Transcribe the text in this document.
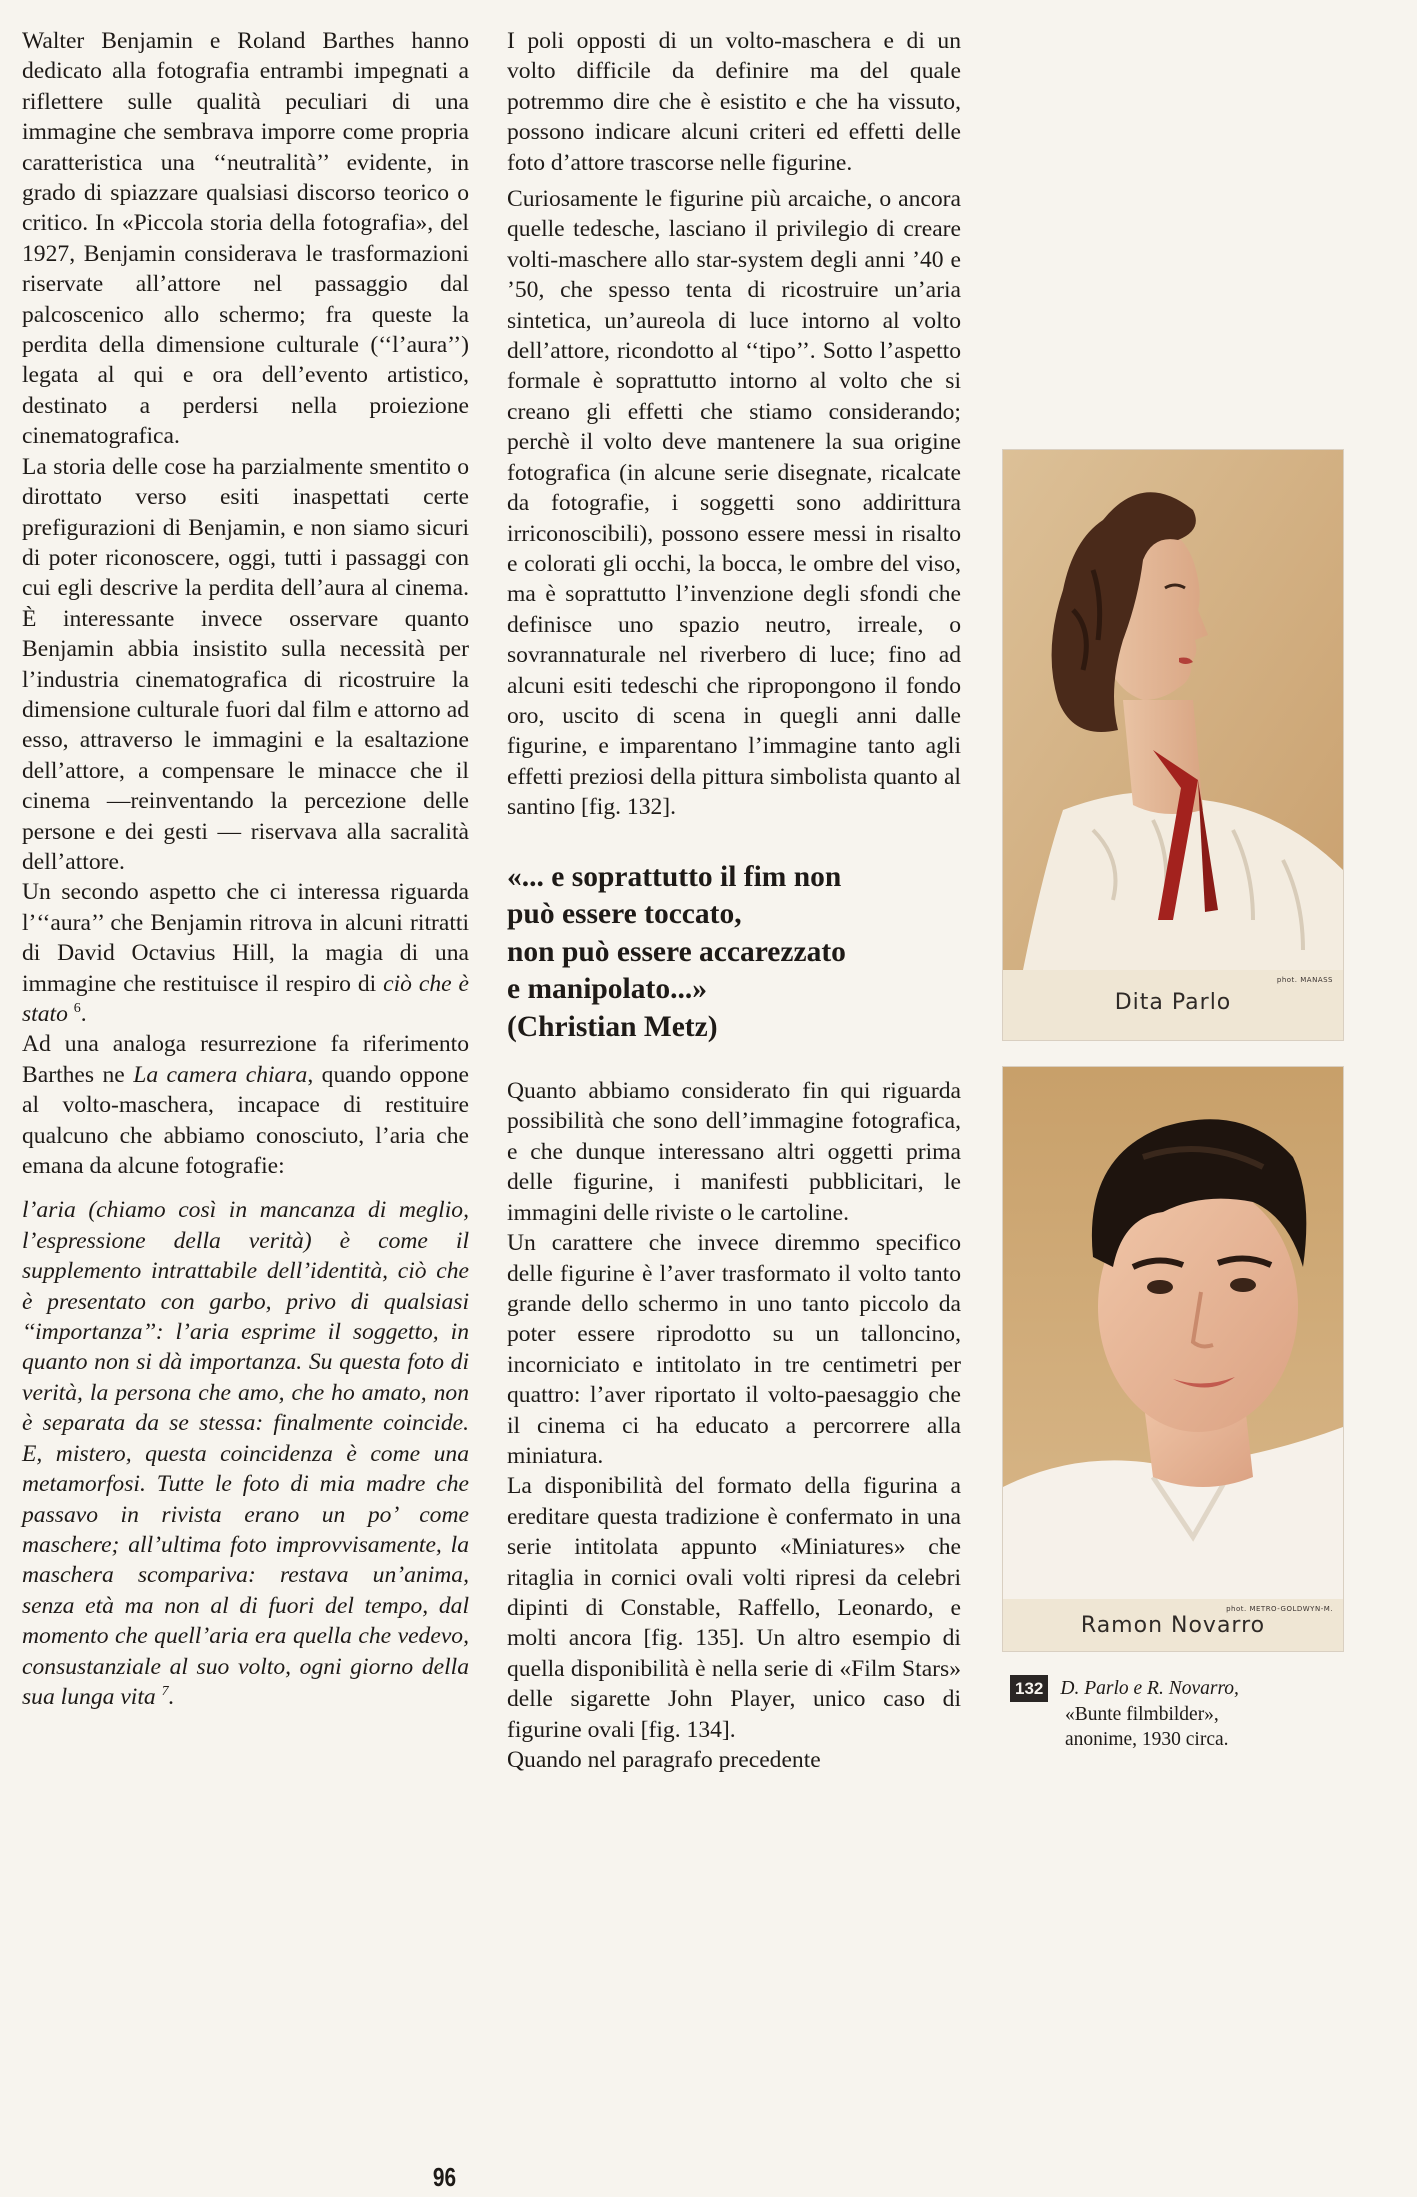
Walter Benjamin e Roland Barthes hanno dedicato alla fotografia entrambi impegnati a riflettere sulle qualità peculiari di una immagine che sembrava imporre come propria caratteristica una ‘‘neutralità’’ evidente, in grado di spiazzare qualsiasi discorso teorico o critico. In «Piccola storia della fotografia», del 1927, Benjamin considerava le trasformazioni riservate all’attore nel passaggio dal palcoscenico allo schermo; fra queste la perdita della dimensione culturale (‘‘l’aura’’) legata al qui e ora dell’evento artistico, destinato a perdersi nella proiezione cinematografica.

La storia delle cose ha parzialmente smentito o dirottato verso esiti inaspettati certe prefigurazioni di Benjamin, e non siamo sicuri di poter riconoscere, oggi, tutti i passaggi con cui egli descrive la perdita dell’aura al cinema. È interessante invece osservare quanto Benjamin abbia insistito sulla necessità per l’industria cinematografica di ricostruire la dimensione culturale fuori dal film e attorno ad esso, attraverso le immagini e la esaltazione dell’attore, a compensare le minacce che il cinema —reinventando la percezione delle persone e dei gesti — riservava alla sacralità dell’attore.

Un secondo aspetto che ci interessa riguarda l’‘‘aura’’ che Benjamin ritrova in alcuni ritratti di David Octavius Hill, la magia di una immagine che restituisce il respiro di ciò che è stato $^6$.

Ad una analoga resurrezione fa riferimento Barthes ne La camera chiara, quando oppone al volto-maschera, incapace di restituire qualcuno che abbiamo conosciuto, l’aria che emana da alcune fotografie:

l’aria (chiamo così in mancanza di meglio, l’espressione della verità) è come il supplemento intrattabile dell’identità, ciò che è presentato con garbo, privo di qualsiasi ‘‘importanza’’: l’aria esprime il soggetto, in quanto non si dà importanza. Su questa foto di verità, la persona che amo, che ho amato, non è separata da se stessa: finalmente coincide. E, mistero, questa coincidenza è come una metamorfosi. Tutte le foto di mia madre che passavo in rivista erano un po’ come maschere; all’ultima foto improvvisamente, la maschera scompariva: restava un’anima, senza età ma non al di fuori del tempo, dal momento che quell’aria era quella che vedevo, consustanziale al suo volto, ogni giorno della sua lunga vita $^7$.

I poli opposti di un volto-maschera e di un volto difficile da definire ma del quale potremmo dire che è esistito e che ha vissuto, possono indicare alcuni criteri ed effetti delle foto d’attore trascorse nelle figurine.

Curiosamente le figurine più arcaiche, o ancora quelle tedesche, lasciano il privilegio di creare volti-maschere allo star-system degli anni ’40 e ’50, che spesso tenta di ricostruire un’aria sintetica, un’aureola di luce intorno al volto dell’attore, ricondotto al ‘‘tipo’’. Sotto l’aspetto formale è soprattutto intorno al volto che si creano gli effetti che stiamo considerando; perchè il volto deve mantenere la sua origine fotografica (in alcune serie disegnate, ricalcate da fotografie, i soggetti sono addirittura irriconoscibili), possono essere messi in risalto e colorati gli occhi, la bocca, le ombre del viso, ma è soprattutto l’invenzione degli sfondi che definisce uno spazio neutro, irreale, o sovrannaturale nel riverbero di luce; fino ad alcuni esiti tedeschi che ripropongono il fondo oro, uscito di scena in quegli anni dalle figurine, e imparentano l’immagine tanto agli effetti preziosi della pittura simbolista quanto al santino [fig. 132].

«... e soprattutto il fim non
può essere toccato,
non può essere accarezzato
e manipolato...»
(Christian Metz)

Quanto abbiamo considerato fin qui riguarda possibilità che sono dell’immagine fotografica, e che dunque interessano altri oggetti prima delle figurine, i manifesti pubblicitari, le immagini delle riviste o le cartoline.

Un carattere che invece diremmo specifico delle figurine è l’aver trasformato il volto tanto grande dello schermo in uno tanto piccolo da poter essere riprodotto su un talloncino, incorniciato e intitolato in tre centimetri per quattro: l’aver riportato il volto-paesaggio che il cinema ci ha educato a percorrere alla miniatura.

La disponibilità del formato della figurina a ereditare questa tradizione è confermato in una serie intitolata appunto «Miniatures» che ritaglia in cornici ovali volti ripresi da celebri dipinti di Constable, Raffello, Leonardo, e molti ancora [fig. 135]. Un altro esempio di quella disponibilità è nella serie di «Film Stars» delle sigarette John Player, unico caso di figurine ovali [fig. 134].

Quando nel paragrafo precedente

phot. MANASS
Dita Parlo
phot. METRO-GOLDWYN-M.
Ramon Novarro
132 D. Parlo e R. Novarro,
«Bunte filmbilder»,
anonime, 1930 circa.
96
